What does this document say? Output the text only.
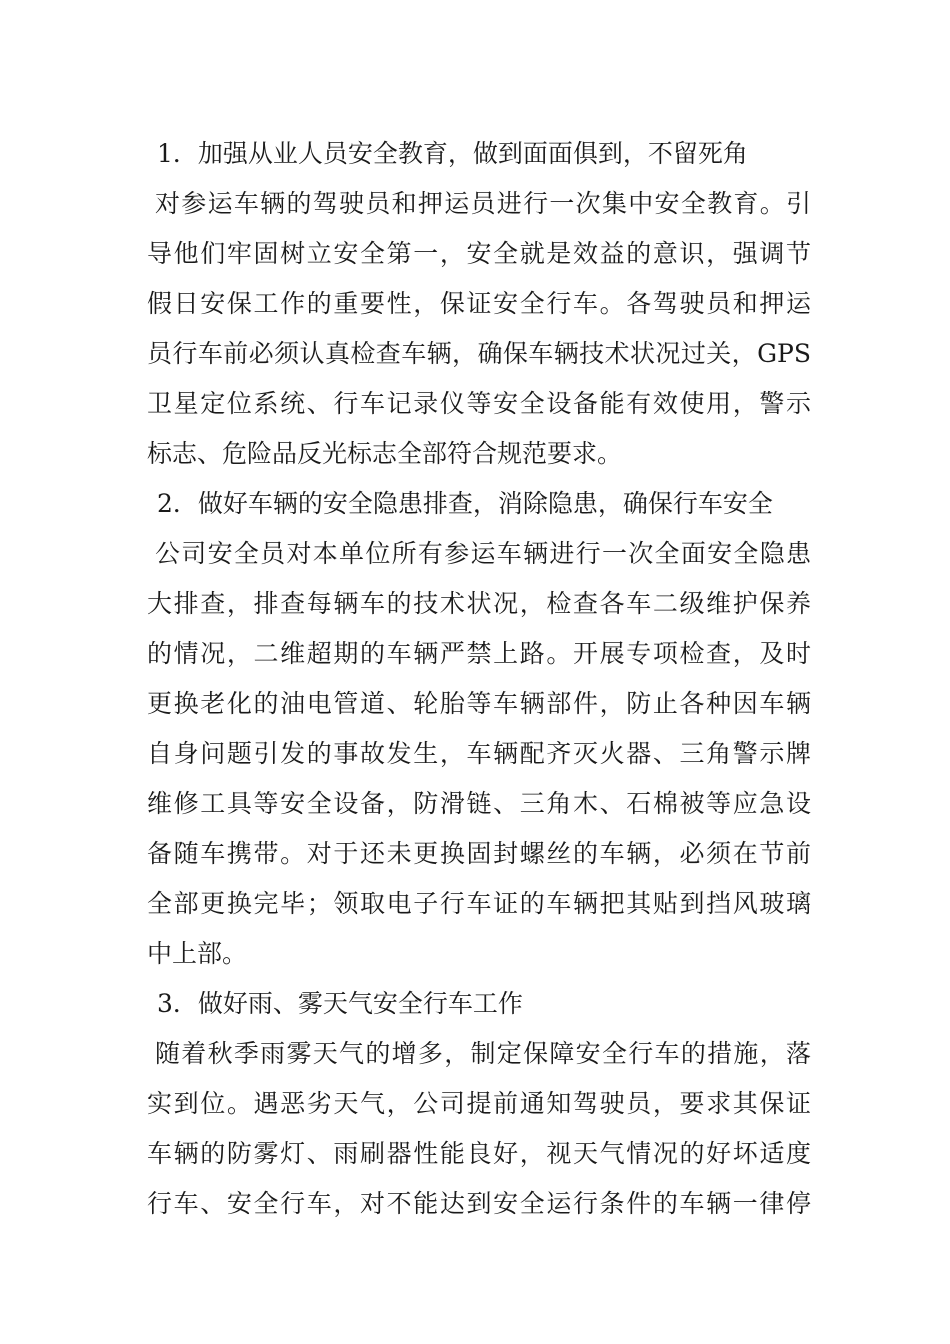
1．加强从业人员安全教育，做到面面俱到，不留死角
对参运车辆的驾驶员和押运员进行一次集中安全教育。引
导他们牢固树立安全第一，安全就是效益的意识，强调节
假日安保工作的重要性，保证安全行车。各驾驶员和押运
员行车前必须认真检查车辆，确保车辆技术状况过关，GPS
卫星定位系统、行车记录仪等安全设备能有效使用，警示
标志、危险品反光标志全部符合规范要求。
2．做好车辆的安全隐患排查，消除隐患，确保行车安全
公司安全员对本单位所有参运车辆进行一次全面安全隐患
大排查，排查每辆车的技术状况，检查各车二级维护保养
的情况，二维超期的车辆严禁上路。开展专项检查，及时
更换老化的油电管道、轮胎等车辆部件，防止各种因车辆
自身问题引发的事故发生，车辆配齐灭火器、三角警示牌
维修工具等安全设备，防滑链、三角木、石棉被等应急设
备随车携带。对于还未更换固封螺丝的车辆，必须在节前
全部更换完毕；领取电子行车证的车辆把其贴到挡风玻璃
中上部。
3．做好雨、雾天气安全行车工作
随着秋季雨雾天气的增多，制定保障安全行车的措施，落
实到位。遇恶劣天气，公司提前通知驾驶员，要求其保证
车辆的防雾灯、雨刷器性能良好，视天气情况的好坏适度
行车、安全行车，对不能达到安全运行条件的车辆一律停
